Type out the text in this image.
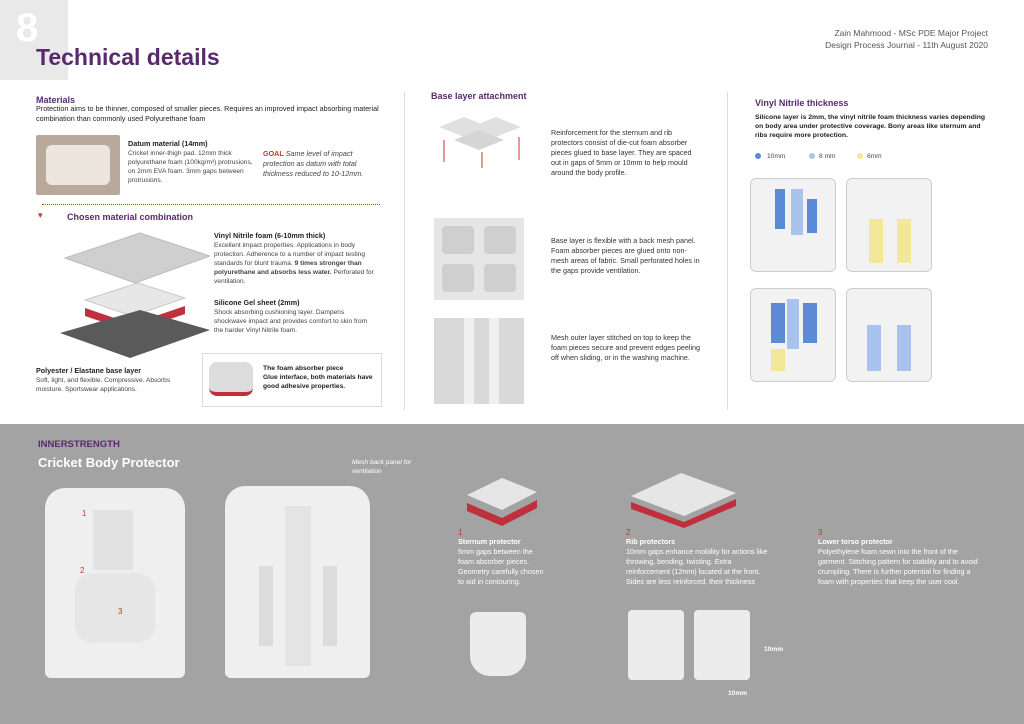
8
Technical details
Zain Mahmood - MSc PDE Major Project
Design Process Journal - 11th August 2020
Materials
Protection aims to be thinner, composed of smaller pieces. Requires an improved impact absorbing material combination than commonly used Polyurethane foam
Datum material (14mm)
Cricket inner-thigh pad. 12mm thick polyurethane foam (100kg/m³) protrusions, on 2mm EVA foam. 3mm gaps between protrusions.
GOAL Same level of impact protection as datum with total thickness reduced to 10-12mm.
▾	Chosen material combination
Vinyl Nitrile foam (6-10mm thick)
Excellent impact properties. Applications in body protection. Adherence to a number of impact testing standards for blunt trauma. 9 times stronger than polyurethane and absorbs less water. Perforated for ventilation.
Silicone Gel sheet (2mm)
Shock absorbing cushioning layer. Dampens shockwave impact and provides comfort to skin from the harder Vinyl Nitrile foam.
Polyester / Elastane base layer
Soft, light, and flexible. Compressive. Absorbs moisture. Sportswear applications.
The foam absorber piece
Glue interface, both materials have good adhesive properties.
Base layer attachment
Reinforcement for the sternum and rib protectors consist of die-cut foam absorber pieces glued to base layer. They are spaced out in gaps of 5mm or 10mm to help mould around the body profile.
Base layer is flexible with a back mesh panel. Foam absorber pieces are glued onto non-mesh areas of fabric. Small perforated holes in the gaps provide ventilation.
Mesh outer layer stitched on top to keep the foam pieces secure and prevent edges peeling off when sliding, or in the washing machine.
Vinyl Nitrile thickness
Silicone layer is 2mm, the vinyl nitrile foam thickness varies depending on body area under protective coverage. Bony areas like sternum and ribs require more protection.
10mm	8 mm	6mm
INNERSTRENGTH
Cricket Body Protector
1
2
3
Mesh back panel for ventilation
1
Sternum protector
5mm gaps between the foam absorber pieces. Geometry carefully chosen to aid in contouring.
2
Rib protectors
10mm gaps enhance mobility for actions like throwing, bending, twisting. Extra reinforcement (12mm) located at the front. Sides are less reinforced, their thickness
10mm
10mm
3
Lower torso protector
Polyethylene foam sewn into the front of the garment. Stitching pattern for stability and to avoid crumpling. There is further potential for finding a foam with properties that keep the user cool.
